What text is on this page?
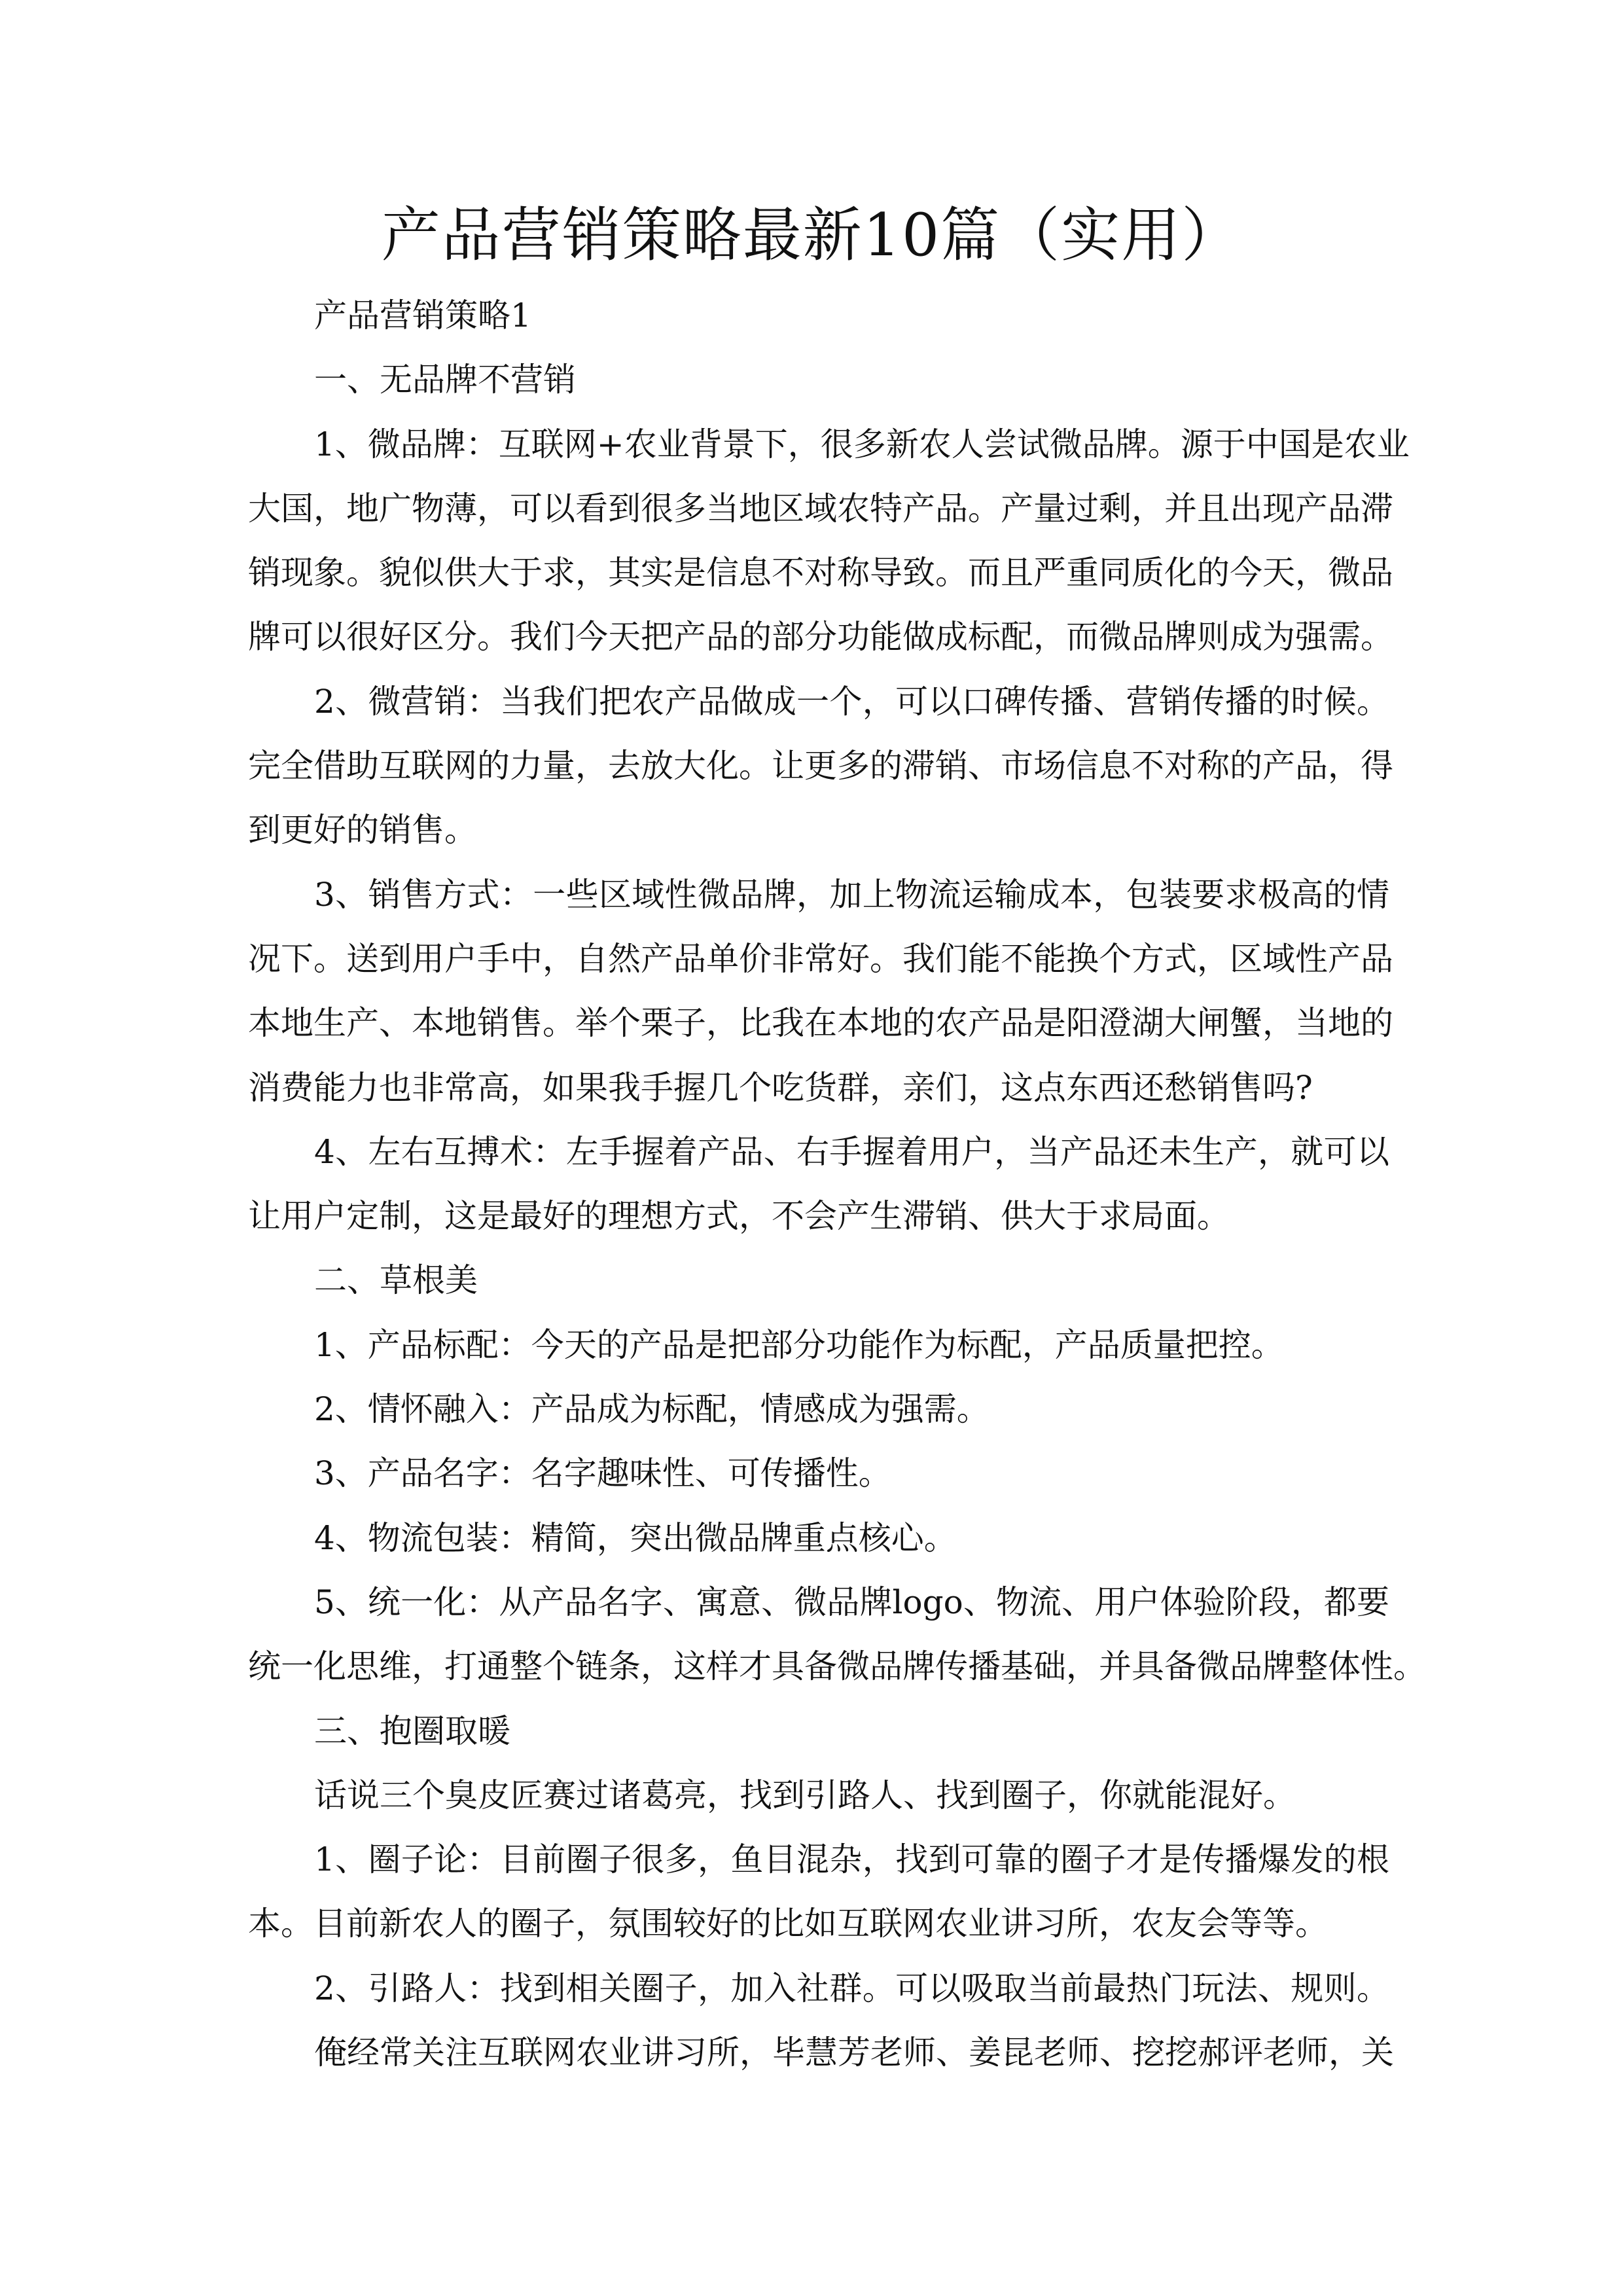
产品营销策略最新10篇（实用）
产品营销策略1
一、无品牌不营销
1、微品牌：互联网+农业背景下，很多新农人尝试微品牌。源于中国是农业
大国，地广物薄，可以看到很多当地区域农特产品。产量过剩，并且出现产品滞
销现象。貌似供大于求，其实是信息不对称导致。而且严重同质化的今天，微品
牌可以很好区分。我们今天把产品的部分功能做成标配，而微品牌则成为强需。
2、微营销：当我们把农产品做成一个，可以口碑传播、营销传播的时候。
完全借助互联网的力量，去放大化。让更多的滞销、市场信息不对称的产品，得
到更好的销售。
3、销售方式：一些区域性微品牌，加上物流运输成本，包装要求极高的情
况下。送到用户手中，自然产品单价非常好。我们能不能换个方式，区域性产品
本地生产、本地销售。举个栗子，比我在本地的农产品是阳澄湖大闸蟹，当地的
消费能力也非常高，如果我手握几个吃货群，亲们，这点东西还愁销售吗?
4、左右互搏术：左手握着产品、右手握着用户，当产品还未生产，就可以
让用户定制，这是最好的理想方式，不会产生滞销、供大于求局面。
二、草根美
1、产品标配：今天的产品是把部分功能作为标配，产品质量把控。
2、情怀融入：产品成为标配，情感成为强需。
3、产品名字：名字趣味性、可传播性。
4、物流包装：精简，突出微品牌重点核心。
5、统一化：从产品名字、寓意、微品牌logo、物流、用户体验阶段，都要
统一化思维，打通整个链条，这样才具备微品牌传播基础，并具备微品牌整体性。
三、抱圈取暖
话说三个臭皮匠赛过诸葛亮，找到引路人、找到圈子，你就能混好。
1、圈子论：目前圈子很多，鱼目混杂，找到可靠的圈子才是传播爆发的根
本。目前新农人的圈子，氛围较好的比如互联网农业讲习所，农友会等等。
2、引路人：找到相关圈子，加入社群。可以吸取当前最热门玩法、规则。
俺经常关注互联网农业讲习所，毕慧芳老师、姜昆老师、挖挖郝评老师，关
